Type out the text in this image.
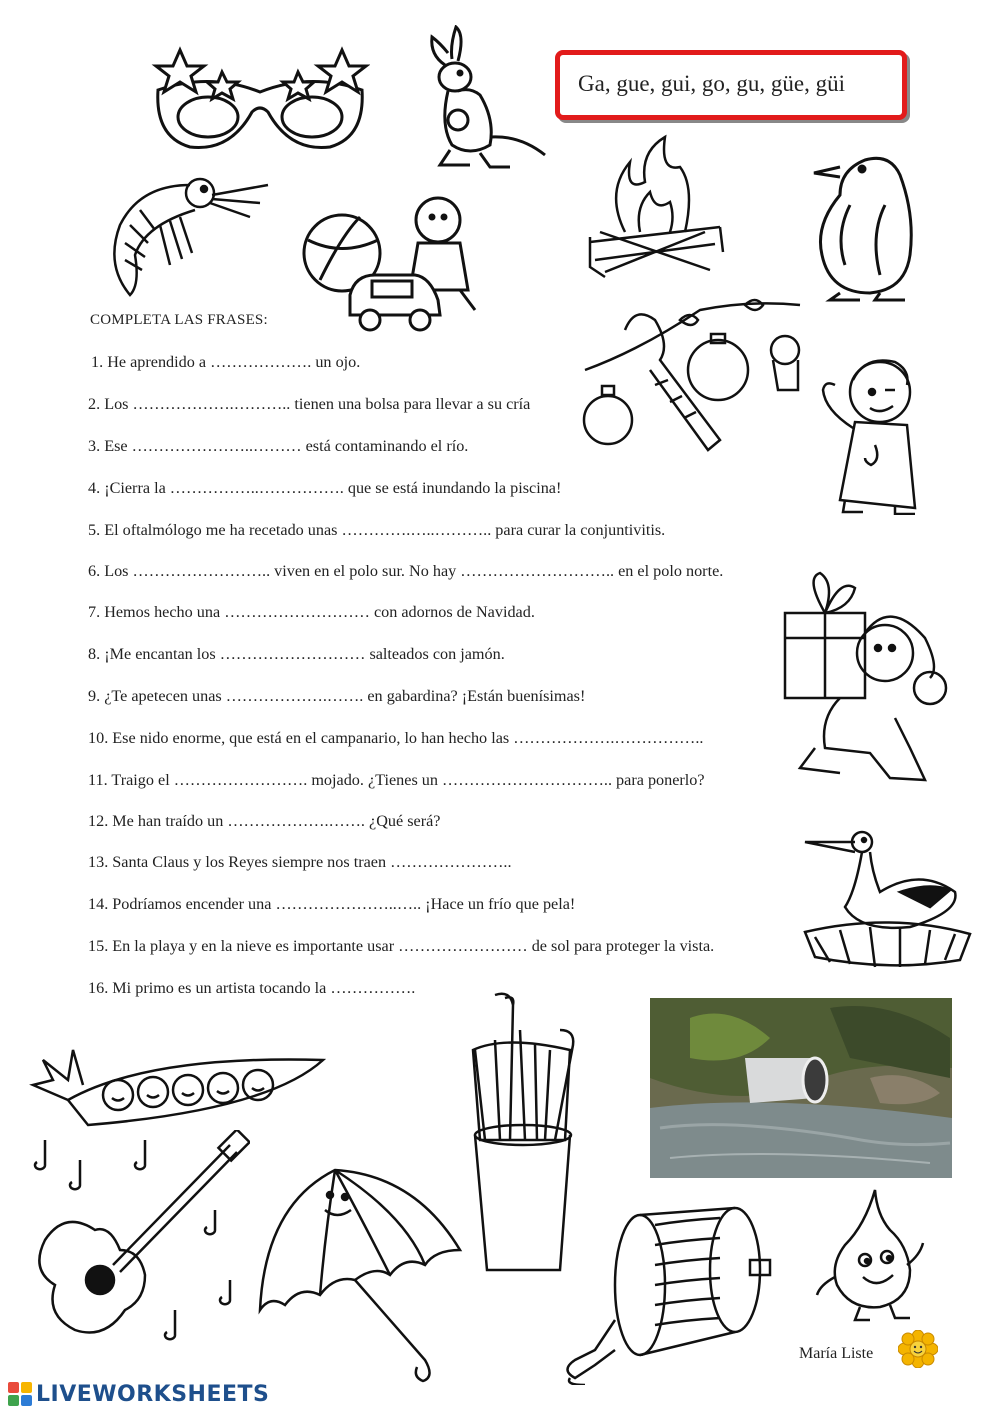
Ga, gue, gui, go, gu, güe, güi
COMPLETA LAS FRASES:
1. He aprendido a ………………. un ojo.
2. Los ……………….……….. tienen una bolsa para llevar a su cría
3. Ese …………………..……… está contaminando el río.
4. ¡Cierra la ……………..……………. que se está inundando la piscina!
5. El oftalmólogo me ha recetado unas ………….…..……….. para curar la conjuntivitis.
6. Los …………………….. viven en el polo sur. No hay ……………………….. en el polo norte.
7. Hemos hecho una ……………………… con adornos de Navidad.
8. ¡Me encantan los ……………………… salteados con jamón.
9. ¿Te apetecen unas ……………….……. en gabardina? ¡Están buenísimas!
10. Ese nido enorme, que está en el campanario, lo han hecho las ……………….……………..
11. Traigo el ……………………. mojado. ¿Tienes un ………………………….. para ponerlo?
12. Me han traído un ……………….……. ¿Qué será?
13. Santa Claus y los Reyes siempre nos traen …………………..
14. Podríamos encender una …………………..….. ¡Hace un frío que pela!
15. En la playa y en la nieve es importante usar …………………… de sol para proteger la vista.
16. Mi primo es un artista tocando la …………….
María Liste
LIVEWORKSHEETS
